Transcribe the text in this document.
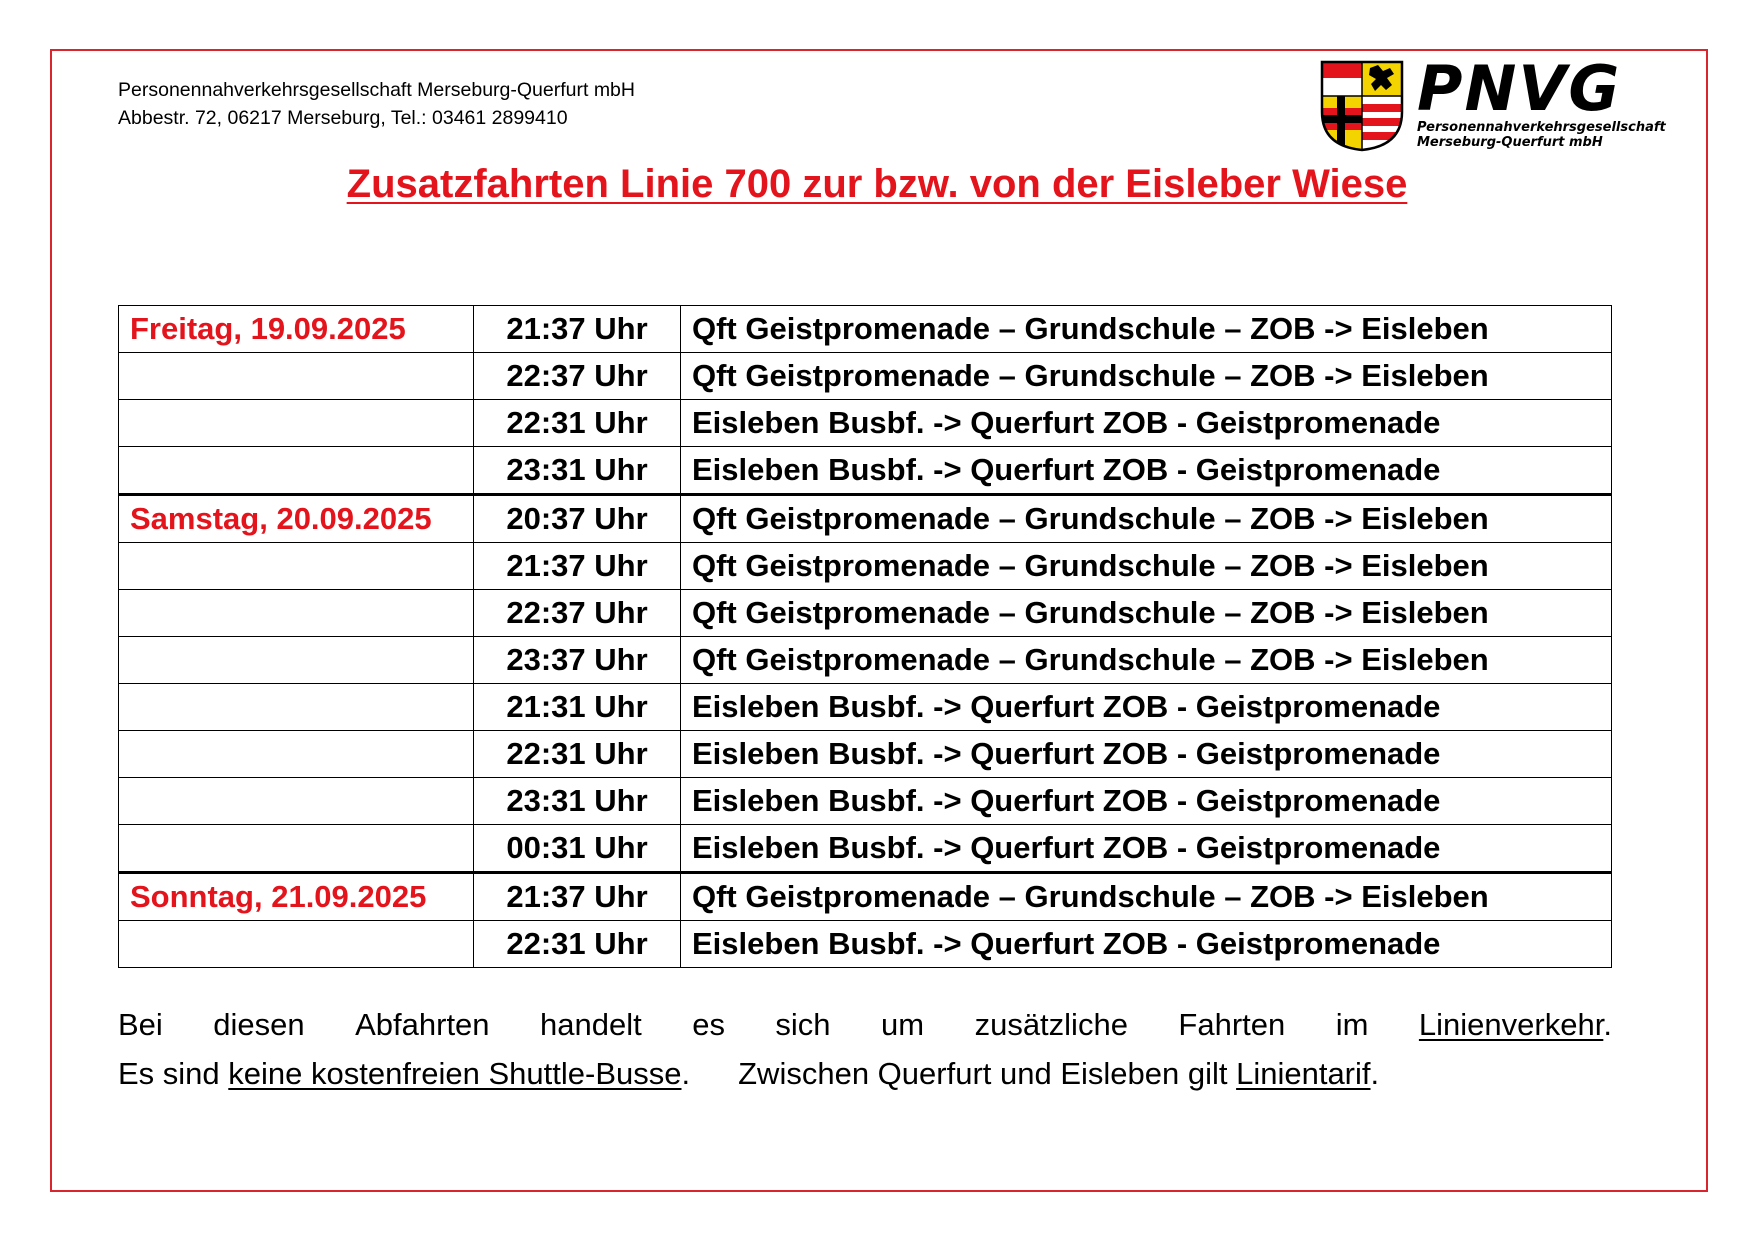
Personennahverkehrsgesellschaft Merseburg-Querfurt mbH
Abbestr. 72, 06217 Merseburg, Tel.: 03461 2899410	PNVG
Personennahverkehrsgesellschaft
Merseburg-Querfurt mbH
Zusatzfahrten Linie 700 zur bzw. von der Eisleber Wiese
Freitag, 19.09.2025	21:37 Uhr	Qft Geistpromenade – Grundschule – ZOB -> Eisleben
	22:37 Uhr	Qft Geistpromenade – Grundschule – ZOB -> Eisleben
	22:31 Uhr	Eisleben Busbf. -> Querfurt ZOB - Geistpromenade
	23:31 Uhr	Eisleben Busbf. -> Querfurt ZOB - Geistpromenade
Samstag, 20.09.2025	20:37 Uhr	Qft Geistpromenade – Grundschule – ZOB -> Eisleben
	21:37 Uhr	Qft Geistpromenade – Grundschule – ZOB -> Eisleben
	22:37 Uhr	Qft Geistpromenade – Grundschule – ZOB -> Eisleben
	23:37 Uhr	Qft Geistpromenade – Grundschule – ZOB -> Eisleben
	21:31 Uhr	Eisleben Busbf. -> Querfurt ZOB - Geistpromenade
	22:31 Uhr	Eisleben Busbf. -> Querfurt ZOB - Geistpromenade
	23:31 Uhr	Eisleben Busbf. -> Querfurt ZOB - Geistpromenade
	00:31 Uhr	Eisleben Busbf. -> Querfurt ZOB - Geistpromenade
Sonntag, 21.09.2025	21:37 Uhr	Qft Geistpromenade – Grundschule – ZOB -> Eisleben
	22:31 Uhr	Eisleben Busbf. -> Querfurt ZOB - Geistpromenade
Bei diesen Abfahrten handelt es sich um zusätzliche Fahrten im Linienverkehr.
Es sind keine kostenfreien Shuttle-Busse. Zwischen Querfurt und Eisleben gilt Linientarif.
